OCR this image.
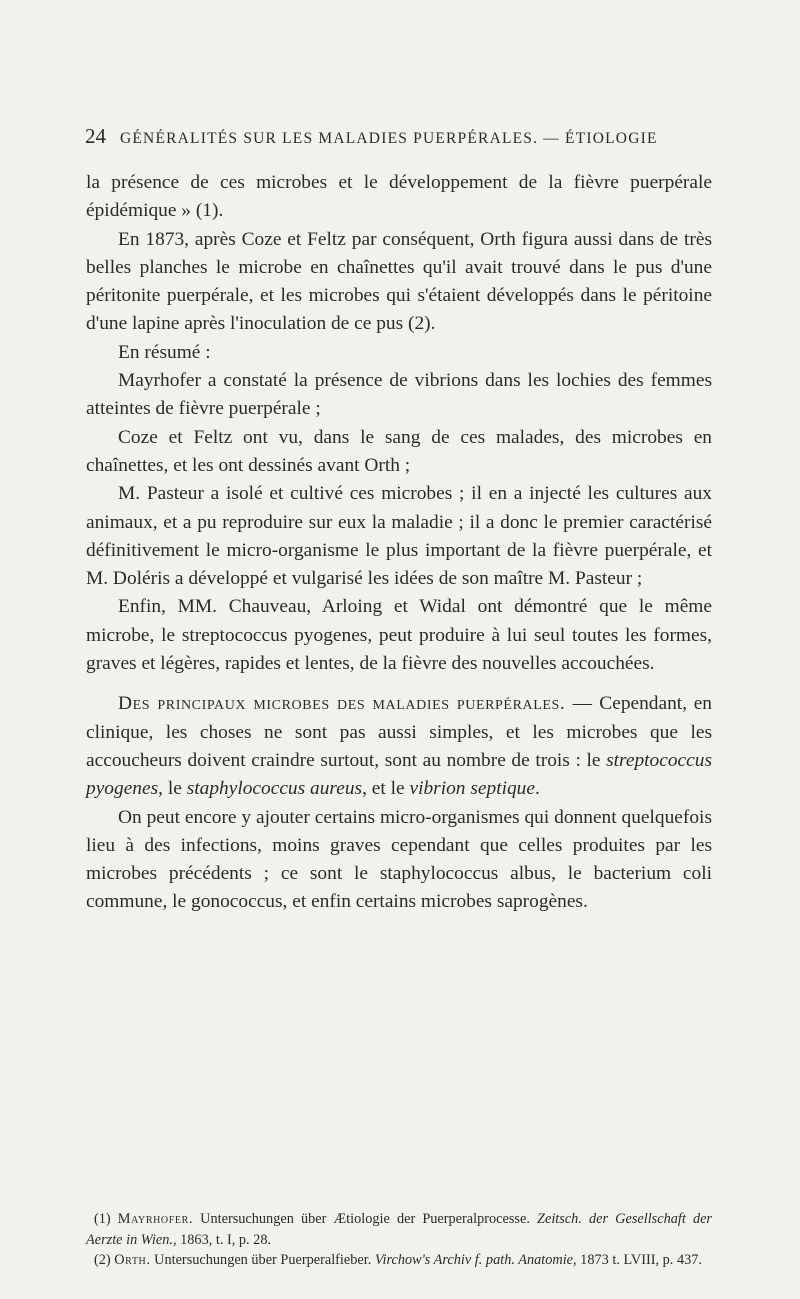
24 GÉNÉRALITÉS SUR LES MALADIES PUERPÉRALES. — ÉTIOLOGIE

la présence de ces microbes et le développement de la fièvre puerpérale épidémique » (1).

En 1873, après Coze et Feltz par conséquent, Orth figura aussi dans de très belles planches le microbe en chaînettes qu'il avait trouvé dans le pus d'une péritonite puerpérale, et les microbes qui s'étaient développés dans le péritoine d'une lapine après l'inoculation de ce pus (2).

En résumé :

Mayrhofer a constaté la présence de vibrions dans les lochies des femmes atteintes de fièvre puerpérale ;

Coze et Feltz ont vu, dans le sang de ces malades, des microbes en chaînettes, et les ont dessinés avant Orth ;

M. Pasteur a isolé et cultivé ces microbes ; il en a injecté les cultures aux animaux, et a pu reproduire sur eux la maladie ; il a donc le premier caractérisé définitivement le micro-organisme le plus important de la fièvre puerpérale, et M. Doléris a développé et vulgarisé les idées de son maître M. Pasteur ;

Enfin, MM. Chauveau, Arloing et Widal ont démontré que le même microbe, le streptococcus pyogenes, peut produire à lui seul toutes les formes, graves et légères, rapides et lentes, de la fièvre des nouvelles accouchées.

Des principaux microbes des maladies puerpérales. — Cependant, en clinique, les choses ne sont pas aussi simples, et les microbes que les accoucheurs doivent craindre surtout, sont au nombre de trois : le streptococcus pyogenes, le staphylococcus aureus, et le vibrion septique.

On peut encore y ajouter certains micro-organismes qui donnent quelquefois lieu à des infections, moins graves cependant que celles produites par les microbes précédents ; ce sont le staphylococcus albus, le bacterium coli commune, le gonococcus, et enfin certains microbes saprogènes.

(1) Mayrhofer. Untersuchungen über Ætiologie der Puerperalprocesse. Zeitsch. der Gesellschaft der Aerzte in Wien., 1863, t. I, p. 28.

(2) Orth. Untersuchungen über Puerperalfieber. Virchow's Archiv f. path. Anatomie, 1873 t. LVIII, p. 437.
